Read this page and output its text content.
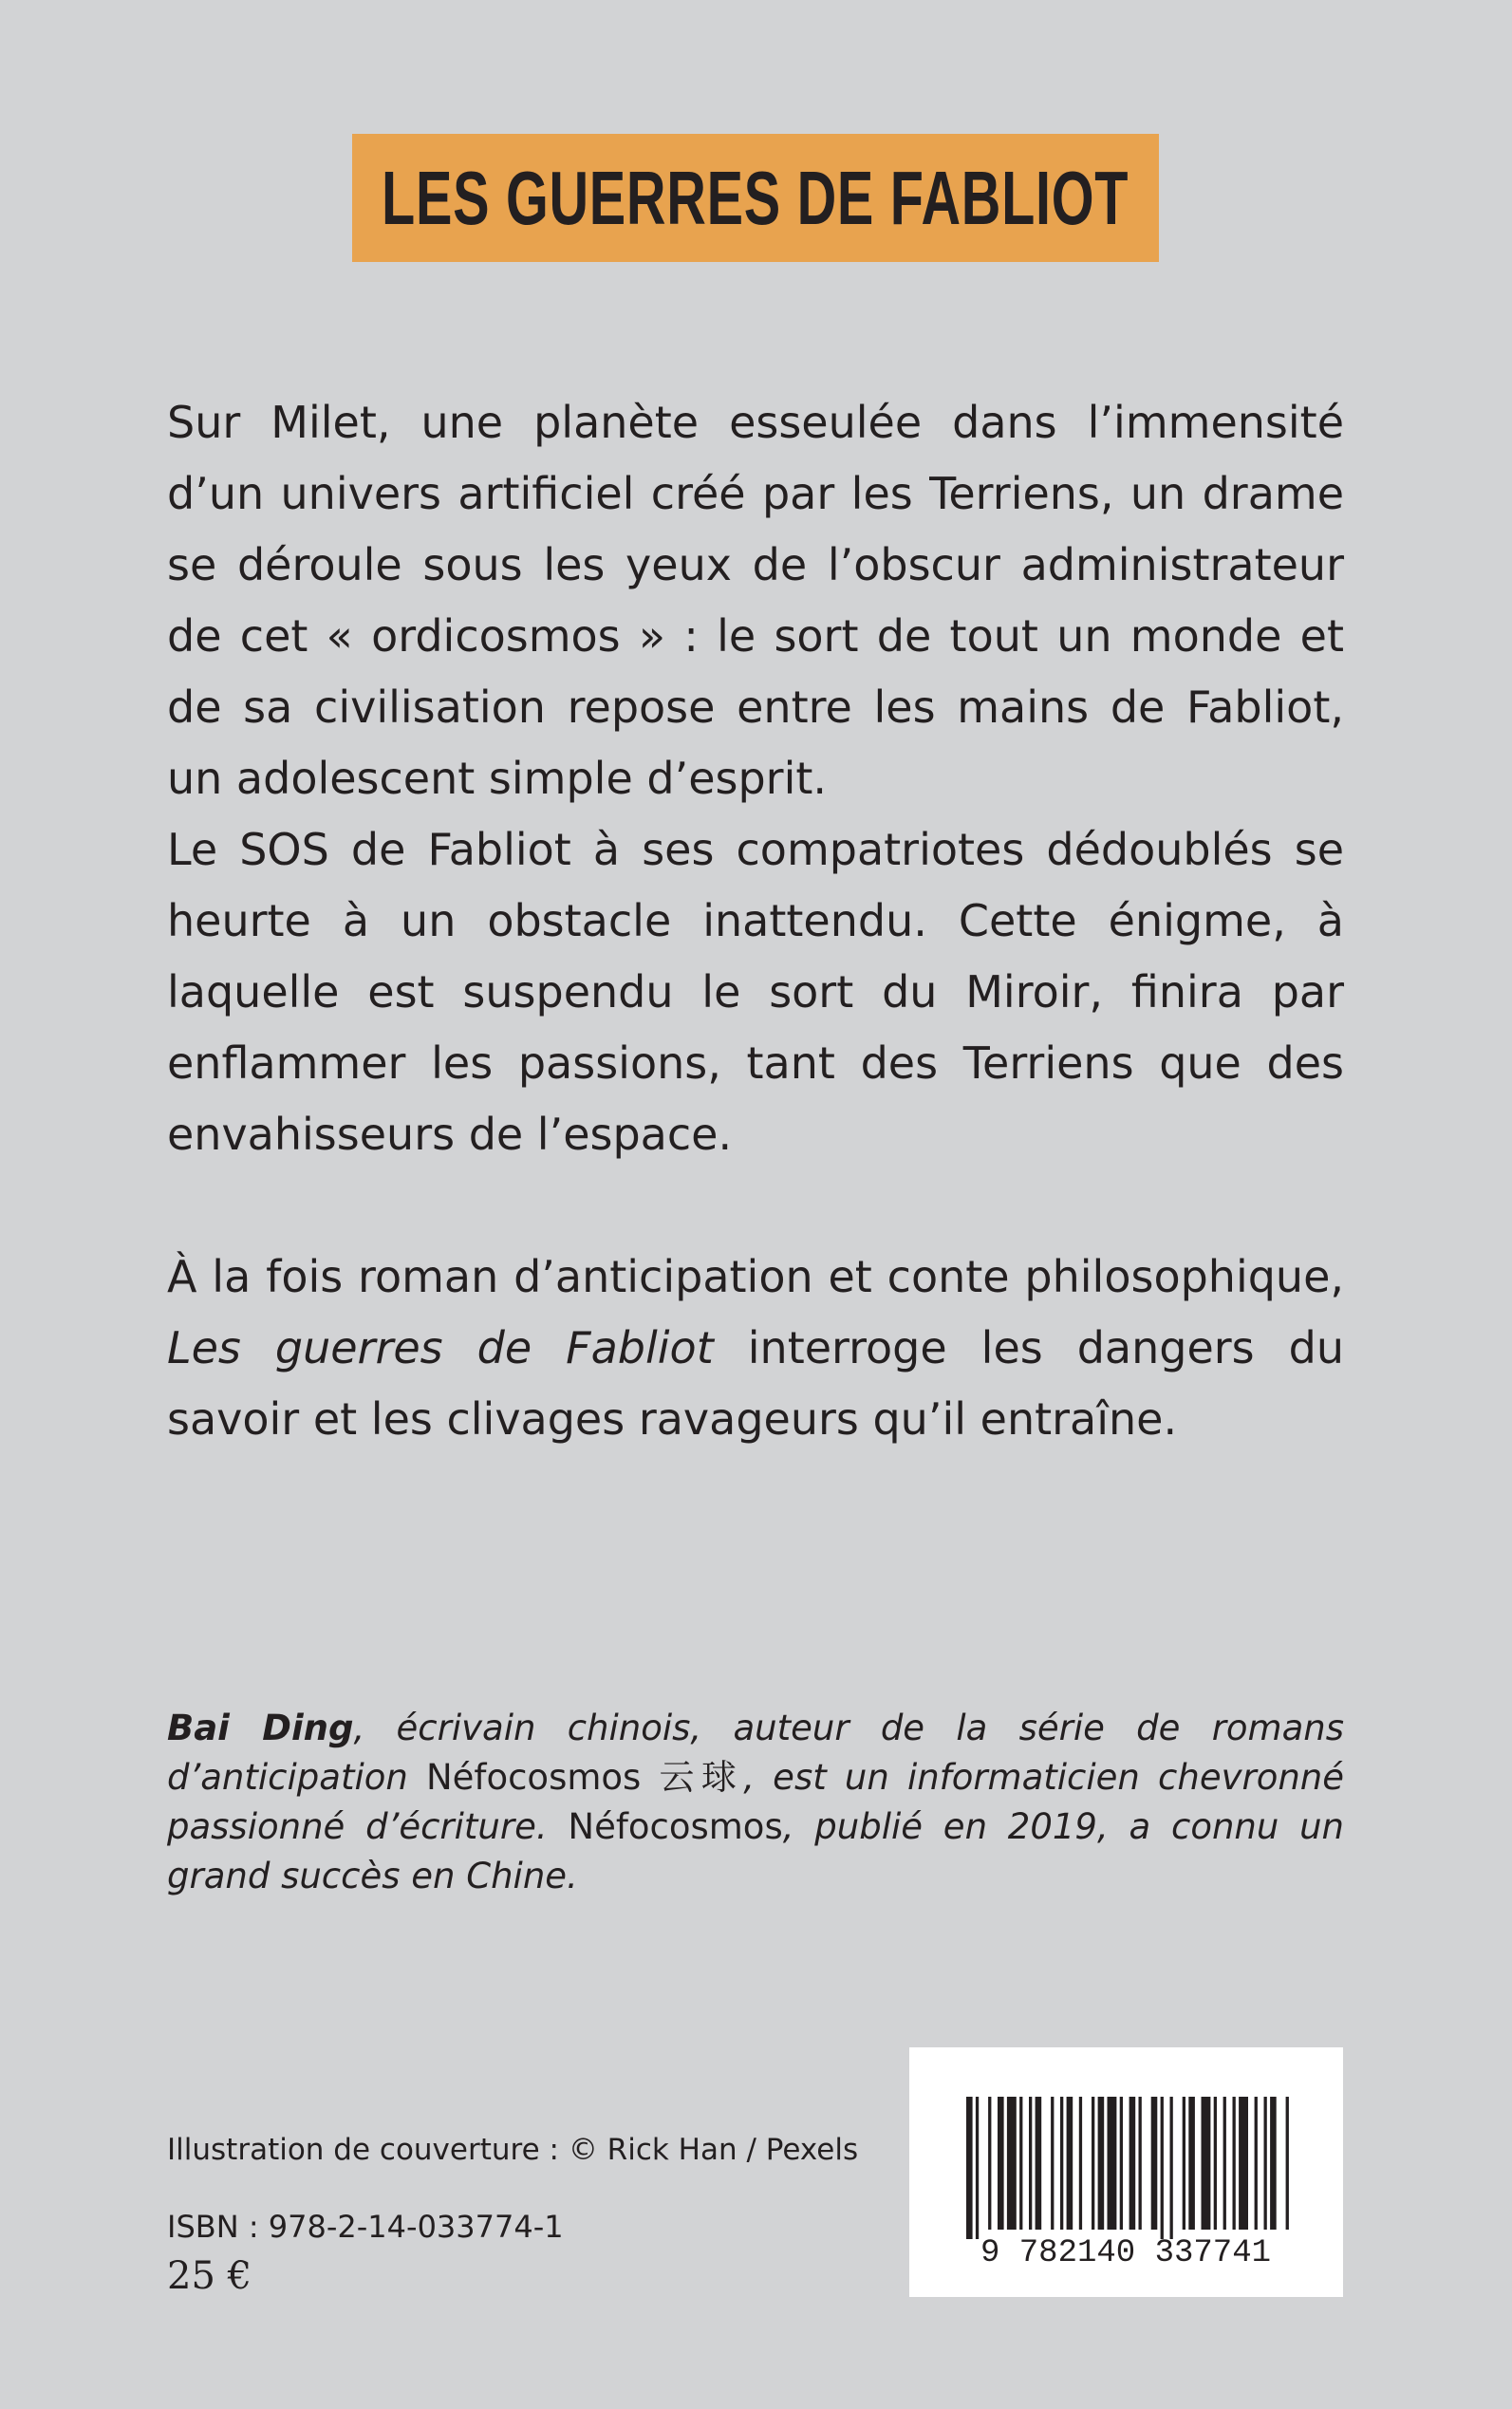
LES GUERRES DE FABLIOT

Sur Milet, une planète esseulée dans l’immensité d’un univers artificiel créé par les Terriens, un drame se déroule sous les yeux de l’obscur administrateur de cet « ordicosmos » : le sort de tout un monde et de sa civilisation repose entre les mains de Fabliot, un adolescent simple d’esprit.

Le SOS de Fabliot à ses compatriotes dédoublés se heurte à un obstacle inattendu. Cette énigme, à laquelle est suspendu le sort du Miroir, finira par enflammer les passions, tant des Terriens que des envahisseurs de l’espace.

À la fois roman d’anticipation et conte philosophique, Les guerres de Fabliot interroge les dangers du savoir et les clivages ravageurs qu’il entraîne.

Bai Ding, écrivain chinois, auteur de la série de romans d’anticipation Néfocosmos 云球, est un informaticien chevronné passionné d’écriture. Néfocosmos, publié en 2019, a connu un grand succès en Chine.

Illustration de couverture : © Rick Han / Pexels
ISBN : 978-2-14-033774-1
25 €
9 782140 337741
